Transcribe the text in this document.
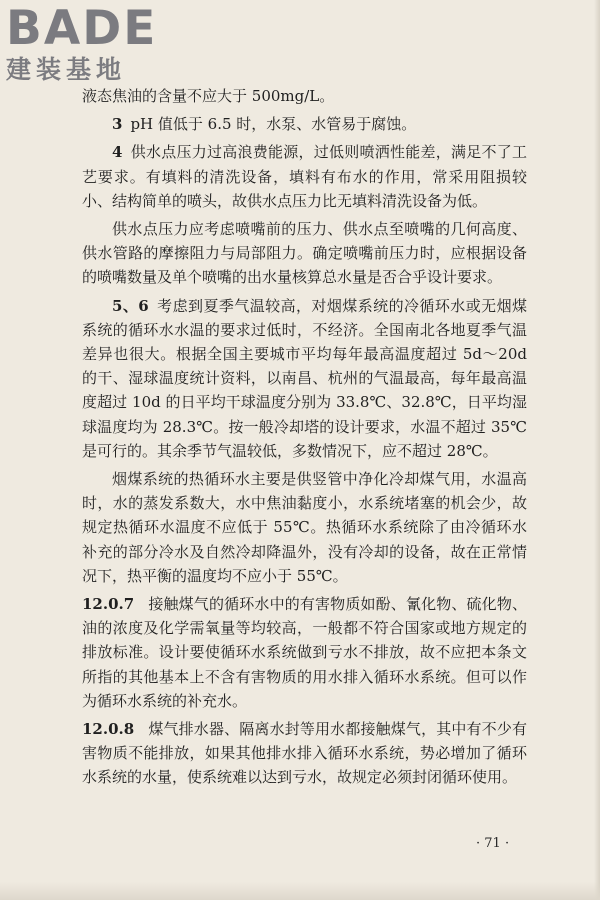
BADE
建装基地

液态焦油的含量不应大于 500mg/L。

3 pH 值低于 6.5 时，水泵、水管易于腐蚀。

4 供水点压力过高浪费能源，过低则喷洒性能差，满足不了工艺要求。有填料的清洗设备，填料有布水的作用，常采用阻损较小、结构简单的喷头，故供水点压力比无填料清洗设备为低。

供水点压力应考虑喷嘴前的压力、供水点至喷嘴的几何高度、供水管路的摩擦阻力与局部阻力。确定喷嘴前压力时，应根据设备的喷嘴数量及单个喷嘴的出水量核算总水量是否合乎设计要求。

5、6 考虑到夏季气温较高，对烟煤系统的冷循环水或无烟煤系统的循环水水温的要求过低时，不经济。全国南北各地夏季气温差异也很大。根据全国主要城市平均每年最高温度超过 5d～20d 的干、湿球温度统计资料，以南昌、杭州的气温最高，每年最高温度超过 10d 的日平均干球温度分别为 33.8℃、32.8℃，日平均湿球温度均为 28.3℃。按一般冷却塔的设计要求，水温不超过 35℃是可行的。其余季节气温较低，多数情况下，应不超过 28℃。

烟煤系统的热循环水主要是供竖管中净化冷却煤气用，水温高时，水的蒸发系数大，水中焦油黏度小，水系统堵塞的机会少，故规定热循环水温度不应低于 55℃。热循环水系统除了由冷循环水补充的部分冷水及自然冷却降温外，没有冷却的设备，故在正常情况下，热平衡的温度均不应小于 55℃。

12.0.7 接触煤气的循环水中的有害物质如酚、氰化物、硫化物、油的浓度及化学需氧量等均较高，一般都不符合国家或地方规定的排放标准。设计要使循环水系统做到亏水不排放，故不应把本条文所指的其他基本上不含有害物质的用水排入循环水系统。但可以作为循环水系统的补充水。

12.0.8 煤气排水器、隔离水封等用水都接触煤气，其中有不少有害物质不能排放，如果其他排水排入循环水系统，势必增加了循环水系统的水量，使系统难以达到亏水，故规定必须封闭循环使用。

· 71 ·
